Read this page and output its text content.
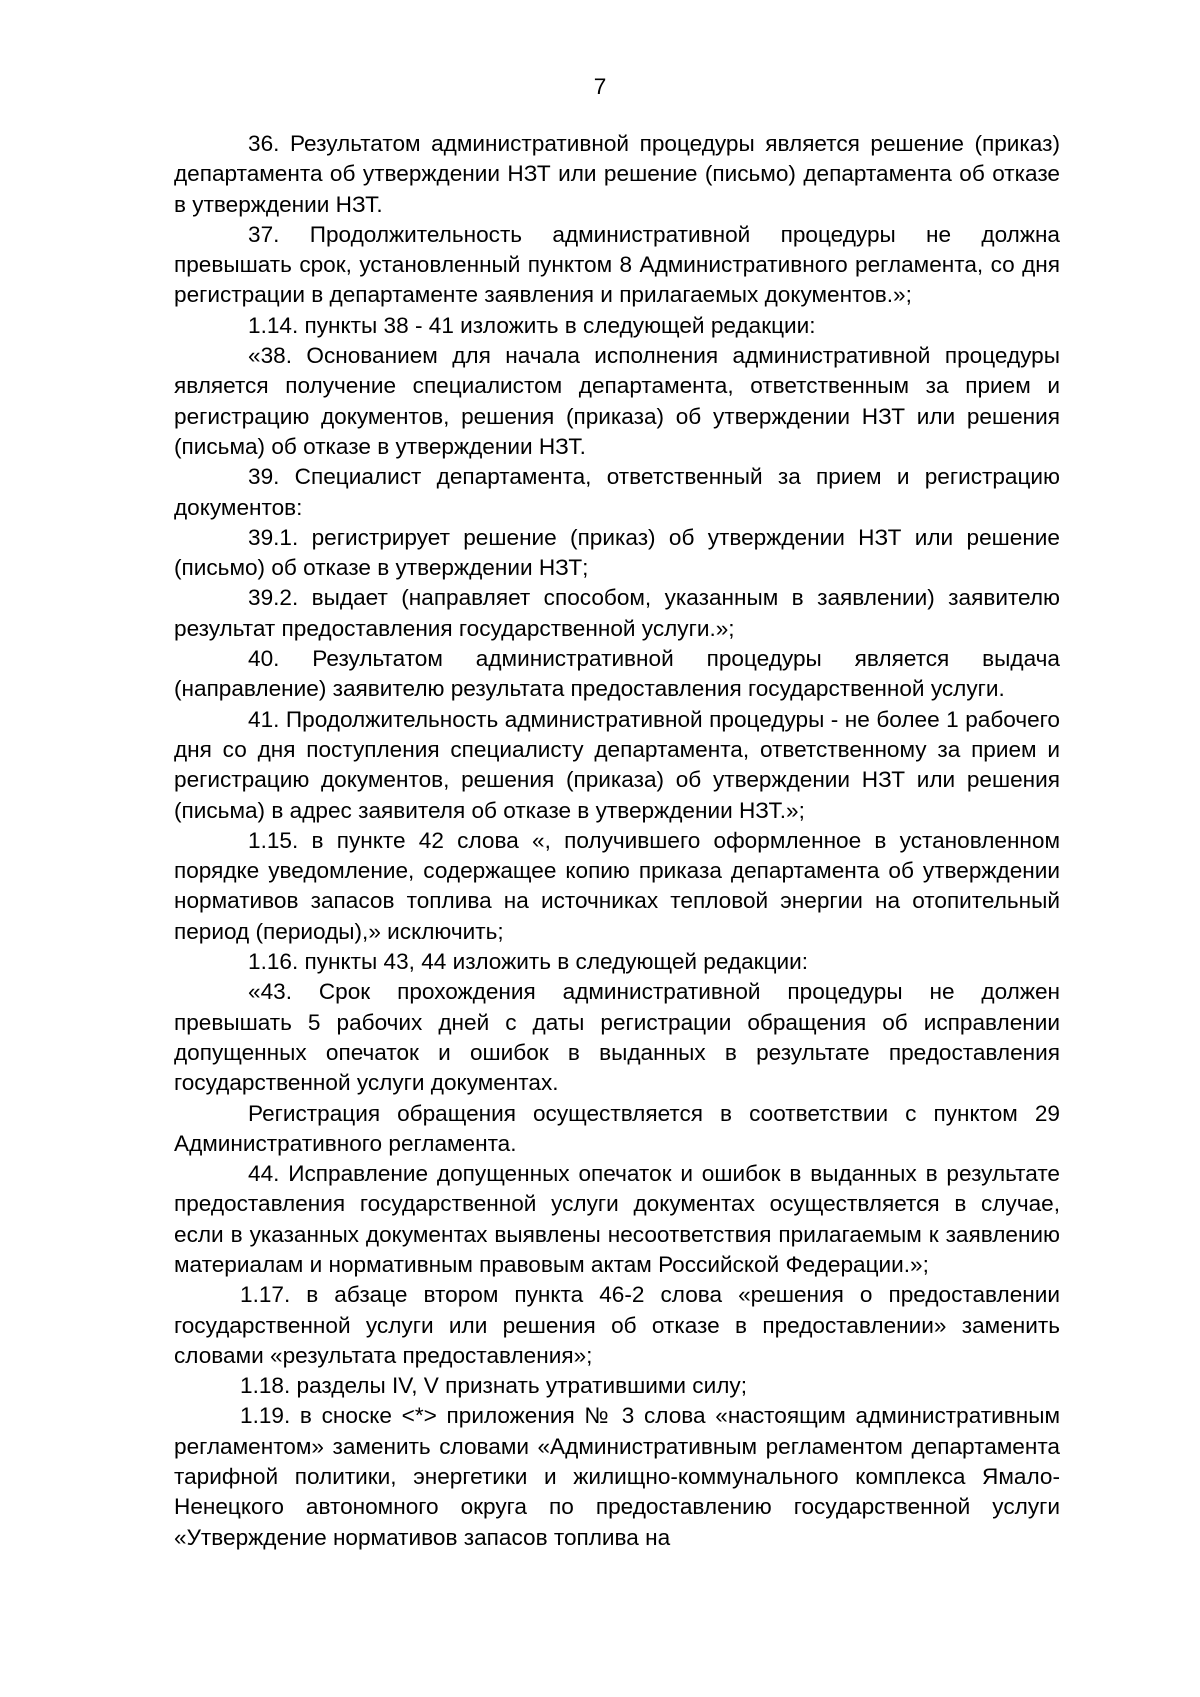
7

36. Результатом административной процедуры является решение (приказ) департамента об утверждении НЗТ или решение (письмо) департамента об отказе в утверждении НЗТ.

37. Продолжительность административной процедуры не должна превышать срок, установленный пунктом 8 Административного регламента, со дня регистрации в департаменте заявления и прилагаемых документов.»;

1.14. пункты 38 - 41 изложить в следующей редакции:

«38. Основанием для начала исполнения административной процедуры является получение специалистом департамента, ответственным за прием и регистрацию документов, решения (приказа) об утверждении НЗТ или решения (письма) об отказе в утверждении НЗТ.

39. Специалист департамента, ответственный за прием и регистрацию документов:

39.1. регистрирует решение (приказ) об утверждении НЗТ или решение (письмо) об отказе в утверждении НЗТ;

39.2. выдает (направляет способом, указанным в заявлении) заявителю результат предоставления государственной услуги.»;

40. Результатом административной процедуры является выдача (направление) заявителю результата предоставления государственной услуги.

41. Продолжительность административной процедуры - не более 1 рабочего дня со дня поступления специалисту департамента, ответственному за прием и регистрацию документов, решения (приказа) об утверждении НЗТ или решения (письма) в адрес заявителя об отказе в утверждении НЗТ.»;

1.15. в пункте 42 слова «, получившего оформленное в установленном порядке уведомление, содержащее копию приказа департамента об утверждении нормативов запасов топлива на источниках тепловой энергии на отопительный период (периоды),» исключить;

1.16. пункты 43, 44 изложить в следующей редакции:

«43. Срок прохождения административной процедуры не должен превышать 5 рабочих дней с даты регистрации обращения об исправлении допущенных опечаток и ошибок в выданных в результате предоставления государственной услуги документах.

Регистрация обращения осуществляется в соответствии с пунктом 29 Административного регламента.

44. Исправление допущенных опечаток и ошибок в выданных в результате предоставления государственной услуги документах осуществляется в случае, если в указанных документах выявлены несоответствия прилагаемым к заявлению материалам и нормативным правовым актам Российской Федерации.»;

1.17. в абзаце втором пункта 46-2 слова «решения о предоставлении государственной услуги или решения об отказе в предоставлении» заменить словами «результата предоставления»;

1.18. разделы IV, V признать утратившими силу;

1.19. в сноске <*> приложения № 3 слова «настоящим административным регламентом» заменить словами «Административным регламентом департамента тарифной политики, энергетики и жилищно-коммунального комплекса Ямало-Ненецкого автономного округа по предоставлению государственной услуги «Утверждение нормативов запасов топлива на
